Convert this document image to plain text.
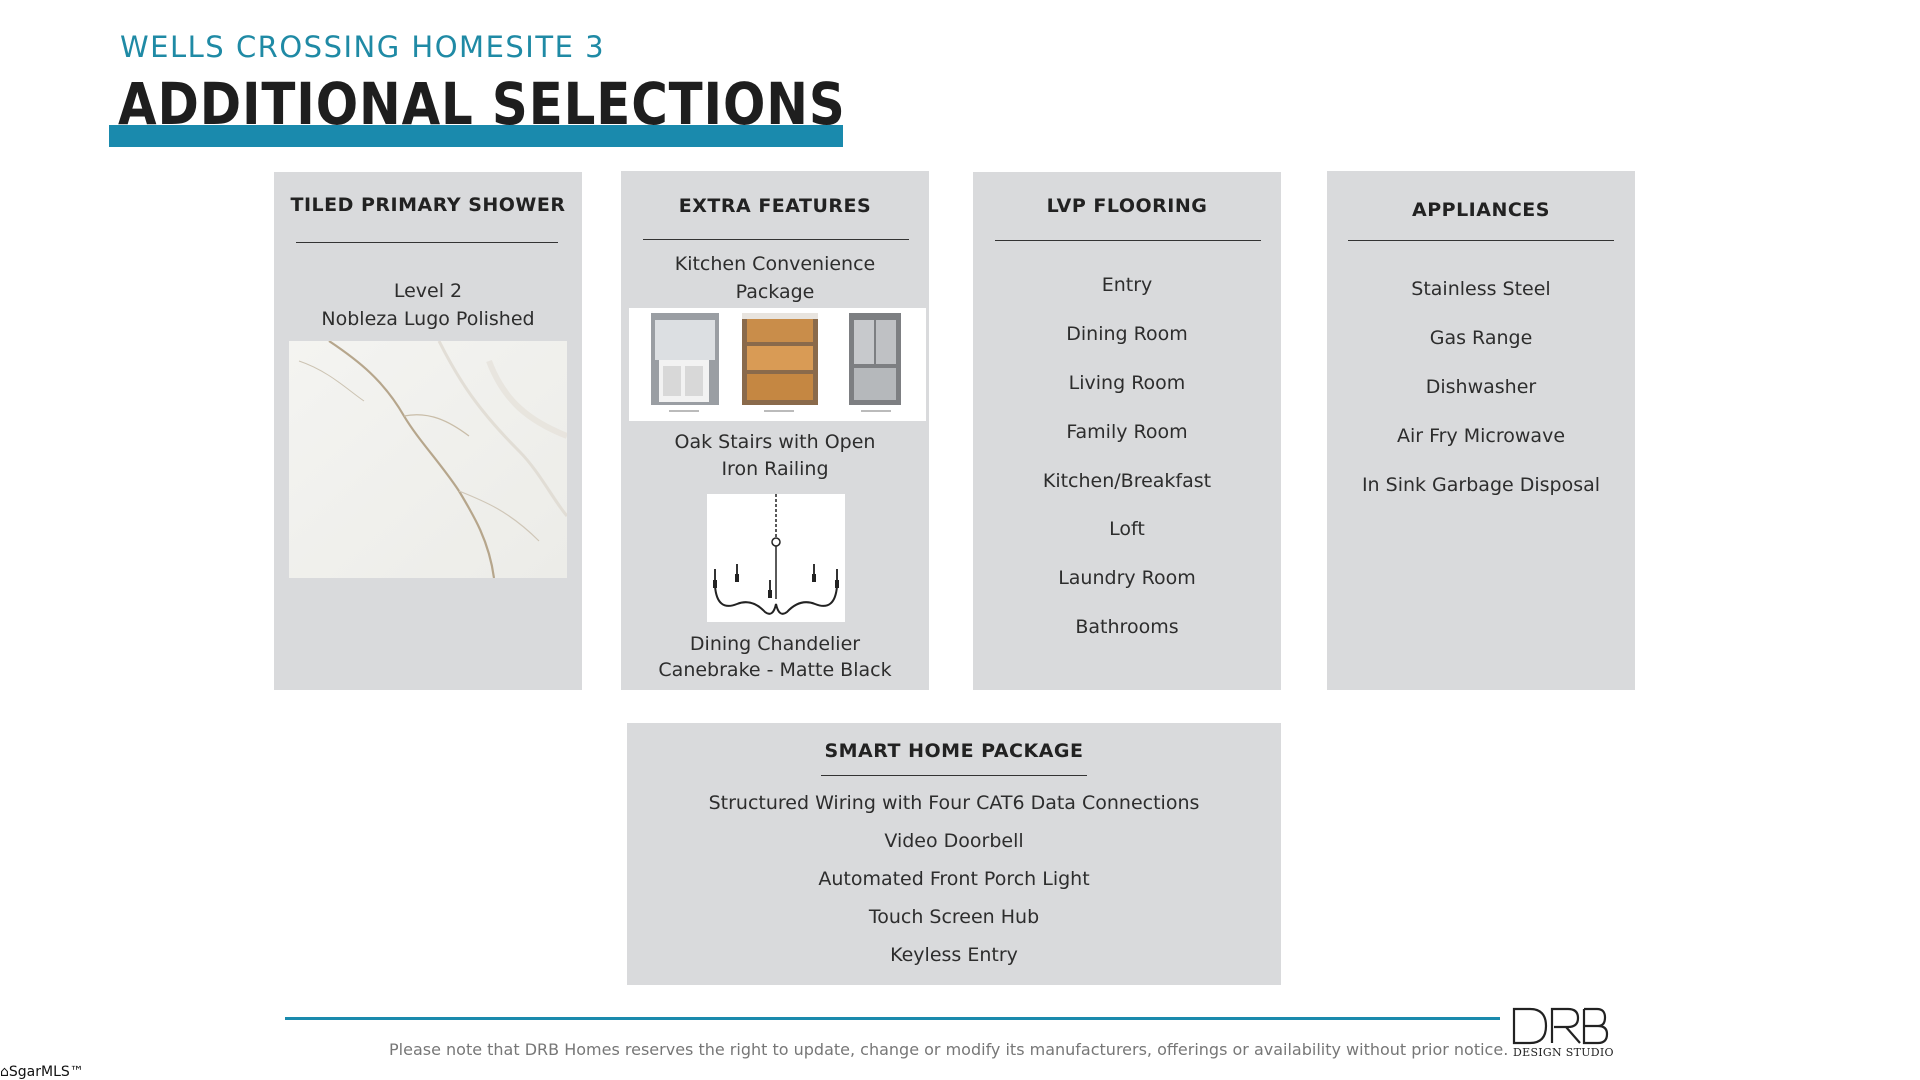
WELLS CROSSING HOMESITE 3
ADDITIONAL SELECTIONS
TILED PRIMARY SHOWER
Level 2
Nobleza Lugo Polished
EXTRA FEATURES
Kitchen Convenience
Package
Oak Stairs with Open
Iron Railing
Dining Chandelier
Canebrake - Matte Black
LVP FLOORING
Entry
Dining Room
Living Room
Family Room
Kitchen/Breakfast
Loft
Laundry Room
Bathrooms
APPLIANCES
Stainless Steel
Gas Range
Dishwasher
Air Fry Microwave
In Sink Garbage Disposal
SMART HOME PACKAGE
Structured Wiring with Four CAT6 Data Connections
Video Doorbell
Automated Front Porch Light
Touch Screen Hub
Keyless Entry
Please note that DRB Homes reserves the right to update, change or modify its manufacturers, offerings or availability without prior notice. DESIGN STUDIO
⌂SgarMLS™
